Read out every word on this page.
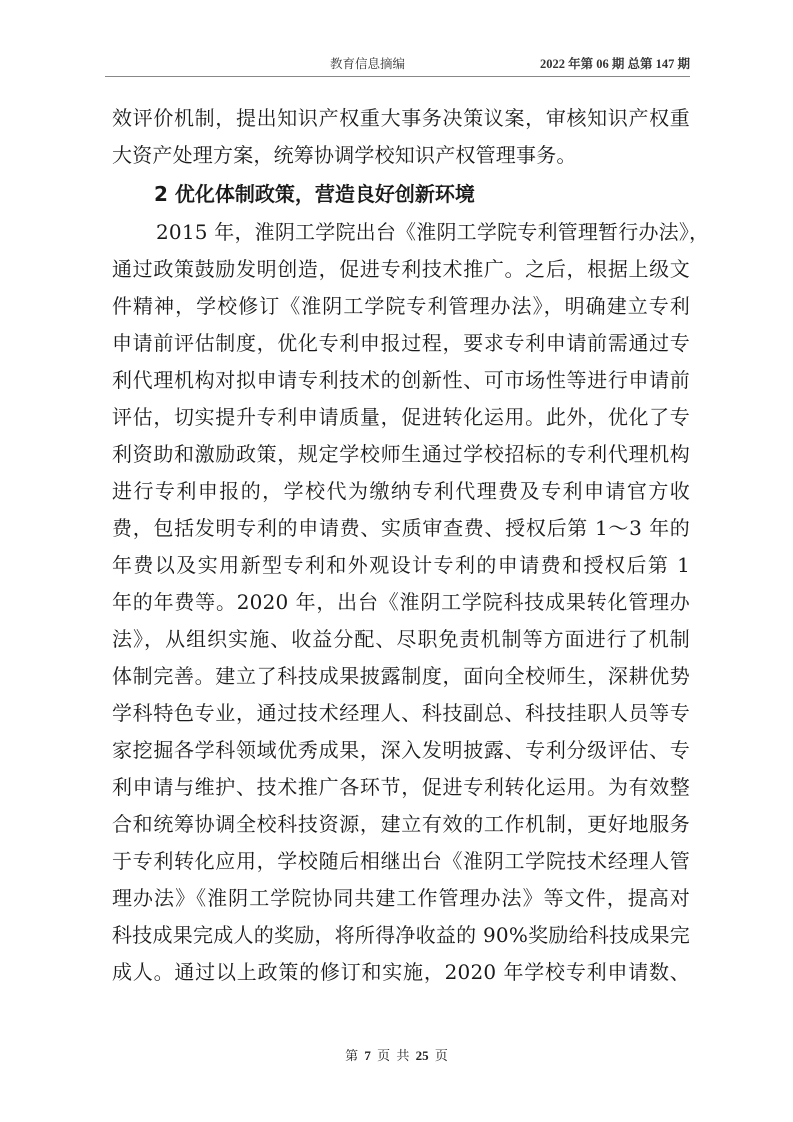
教育信息摘编	2022 年第 06 期 总第 147 期
效评价机制，提出知识产权重大事务决策议案，审核知识产权重
大资产处理方案，统筹协调学校知识产权管理事务。
2 优化体制政策，营造良好创新环境
2015 年，淮阴工学院出台《淮阴工学院专利管理暂行办法》，
通过政策鼓励发明创造，促进专利技术推广。之后，根据上级文
件精神，学校修订《淮阴工学院专利管理办法》，明确建立专利
申请前评估制度，优化专利申报过程，要求专利申请前需通过专
利代理机构对拟申请专利技术的创新性、可市场性等进行申请前
评估，切实提升专利申请质量，促进转化运用。此外，优化了专
利资助和激励政策，规定学校师生通过学校招标的专利代理机构
进行专利申报的，学校代为缴纳专利代理费及专利申请官方收
费，包括发明专利的申请费、实质审查费、授权后第 1～3 年的
年费以及实用新型专利和外观设计专利的申请费和授权后第 1
年的年费等。2020 年，出台《淮阴工学院科技成果转化管理办
法》，从组织实施、收益分配、尽职免责机制等方面进行了机制
体制完善。建立了科技成果披露制度，面向全校师生，深耕优势
学科特色专业，通过技术经理人、科技副总、科技挂职人员等专
家挖掘各学科领域优秀成果，深入发明披露、专利分级评估、专
利申请与维护、技术推广各环节，促进专利转化运用。为有效整
合和统筹协调全校科技资源，建立有效的工作机制，更好地服务
于专利转化应用，学校随后相继出台《淮阴工学院技术经理人管
理办法》《淮阴工学院协同共建工作管理办法》等文件，提高对
科技成果完成人的奖励，将所得净收益的 90%奖励给科技成果完
成人。通过以上政策的修订和实施，2020 年学校专利申请数、
第 7 页 共 25 页
